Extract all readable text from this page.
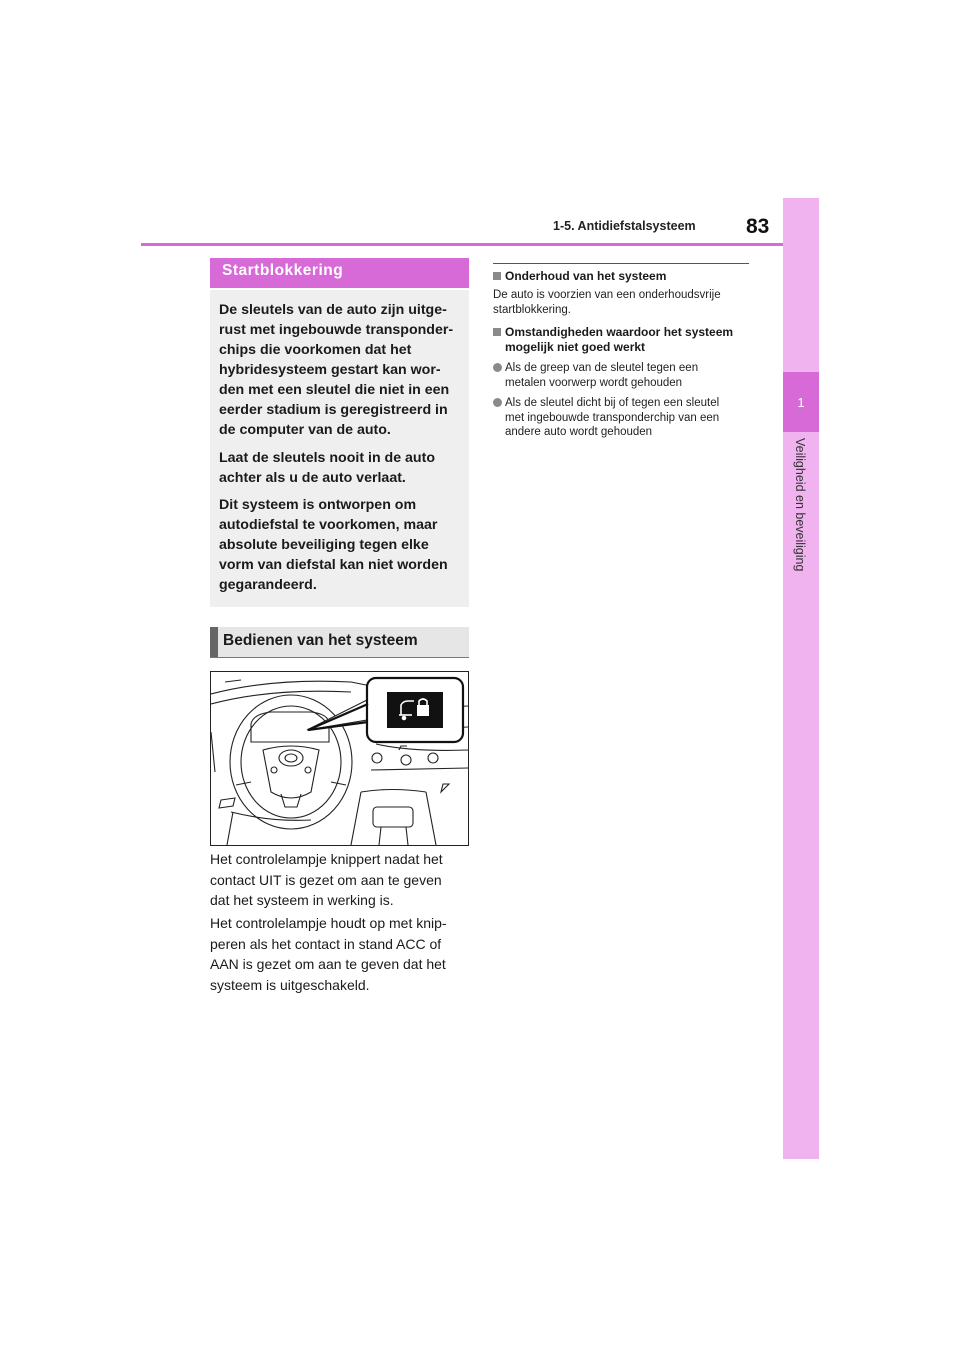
1
Veiligheid en beveiliging
1-5. Antidiefstalsysteem 83
Startblokkering

De sleutels van de auto zijn uitge-

rust met ingebouwde transponder-

chips die voorkomen dat het

hybridesysteem gestart kan wor-

den met een sleutel die niet in een

eerder stadium is geregistreerd in

de computer van de auto.

Laat de sleutels nooit in de auto

achter als u de auto verlaat.

Dit systeem is ontworpen om

autodiefstal te voorkomen, maar

absolute beveiliging tegen elke

vorm van diefstal kan niet worden

gegarandeerd.

Bedienen van het systeem
Het controlelampje knippert nadat het
contact UIT is gezet om aan te geven
dat het systeem in werking is.
Het controlelampje houdt op met knip-
peren als het contact in stand ACC of
AAN is gezet om aan te geven dat het
systeem is uitgeschakeld.
Onderhoud van het systeem
De auto is voorzien van een onderhoudsvrije
startblokkering.
Omstandigheden waardoor het systeem
mogelijk niet goed werkt
Als de greep van de sleutel tegen een
metalen voorwerp wordt gehouden
Als de sleutel dicht bij of tegen een sleutel
met ingebouwde transponderchip van een
andere auto wordt gehouden
